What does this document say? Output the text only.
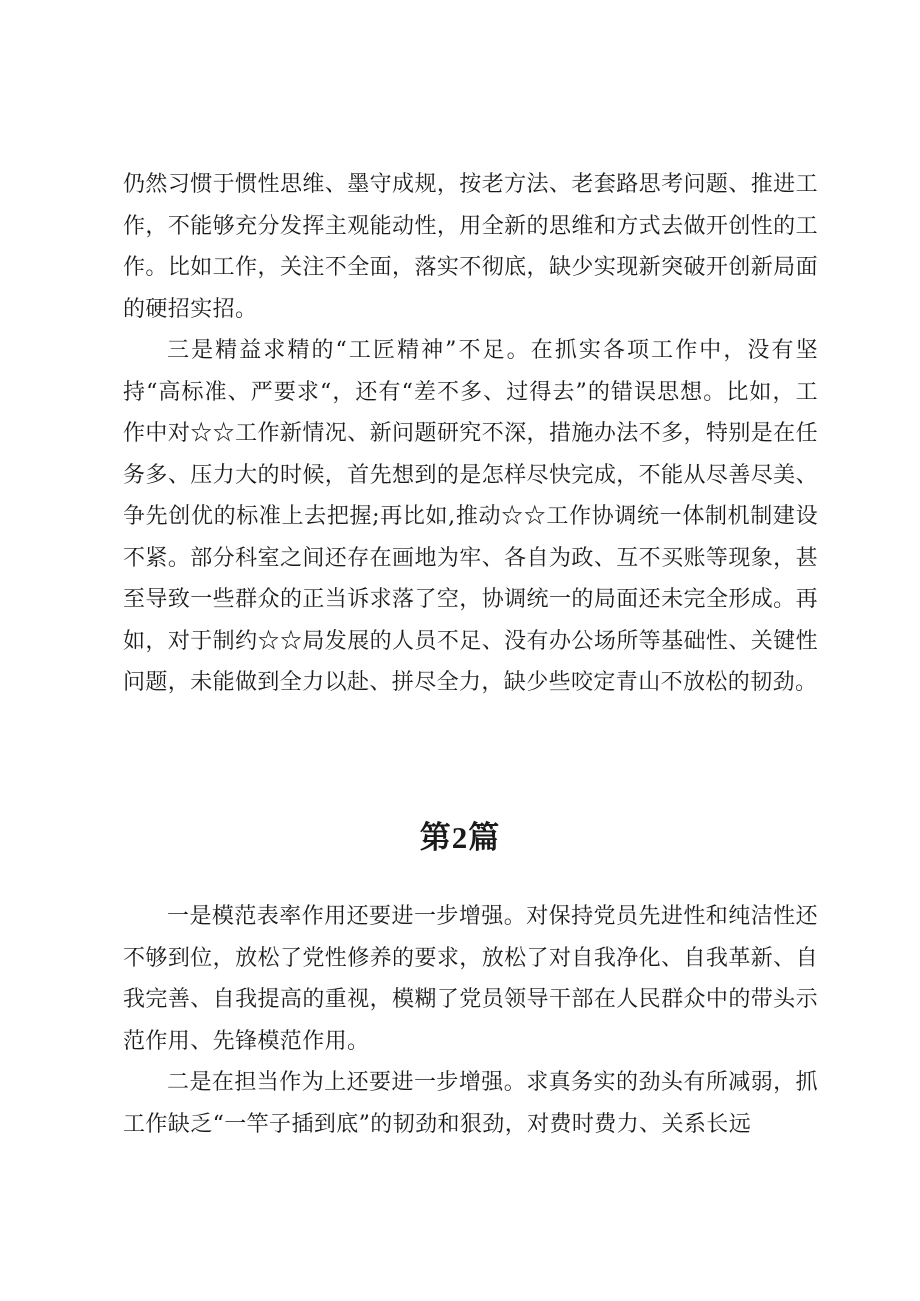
仍然习惯于惯性思维、墨守成规，按老方法、老套路思考问题、推进工作，不能够充分发挥主观能动性，用全新的思维和方式去做开创性的工作。比如工作，关注不全面，落实不彻底，缺少实现新突破开创新局面的硬招实招。

三是精益求精的“工匠精神”不足。在抓实各项工作中，没有坚持“高标准、严要求“，还有“差不多、过得去”的错误思想。比如，工作中对☆☆工作新情况、新问题研究不深，措施办法不多，特别是在任务多、压力大的时候，首先想到的是怎样尽快完成，不能从尽善尽美、争先创优的标准上去把握;再比如,推动☆☆工作协调统一体制机制建设不紧。部分科室之间还存在画地为牢、各自为政、互不买账等现象，甚至导致一些群众的正当诉求落了空，协调统一的局面还未完全形成。再如，对于制约☆☆局发展的人员不足、没有办公场所等基础性、关键性问题，未能做到全力以赴、拼尽全力，缺少些咬定青山不放松的韧劲。

第2篇

一是模范表率作用还要进一步增强。对保持党员先进性和纯洁性还不够到位，放松了党性修养的要求，放松了对自我净化、自我革新、自我完善、自我提高的重视，模糊了党员领导干部在人民群众中的带头示范作用、先锋模范作用。

二是在担当作为上还要进一步增强。求真务实的劲头有所减弱，抓工作缺乏“一竿子插到底”的韧劲和狠劲，对费时费力、关系长远
